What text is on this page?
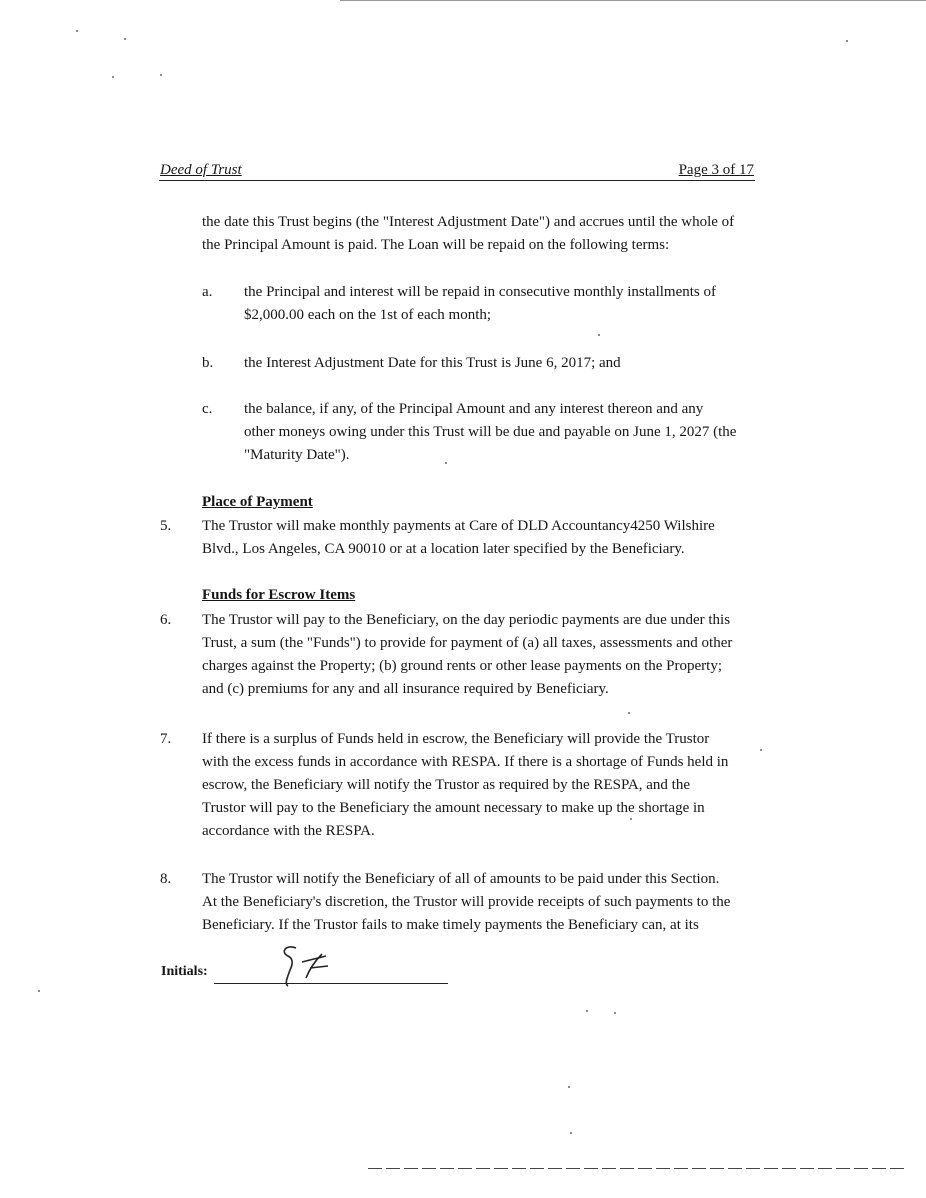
Deed of Trust	Page 3 of 17
the date this Trust begins (the "Interest Adjustment Date") and accrues until the whole of
the Principal Amount is paid. The Loan will be repaid on the following terms:
a. the Principal and interest will be repaid in consecutive monthly installments of
$2,000.00 each on the 1st of each month;
b. the Interest Adjustment Date for this Trust is June 6, 2017; and
c. the balance, if any, of the Principal Amount and any interest thereon and any
other moneys owing under this Trust will be due and payable on June 1, 2027 (the
"Maturity Date").
Place of Payment
5. The Trustor will make monthly payments at Care of DLD Accountancy4250 Wilshire
Blvd., Los Angeles, CA 90010 or at a location later specified by the Beneficiary.
Funds for Escrow Items
6. The Trustor will pay to the Beneficiary, on the day periodic payments are due under this
Trust, a sum (the "Funds") to provide for payment of (a) all taxes, assessments and other
charges against the Property; (b) ground rents or other lease payments on the Property;
and (c) premiums for any and all insurance required by Beneficiary.
7. If there is a surplus of Funds held in escrow, the Beneficiary will provide the Trustor
with the excess funds in accordance with RESPA. If there is a shortage of Funds held in
escrow, the Beneficiary will notify the Trustor as required by the RESPA, and the
Trustor will pay to the Beneficiary the amount necessary to make up the shortage in
accordance with the RESPA.
8. The Trustor will notify the Beneficiary of all of amounts to be paid under this Section.
At the Beneficiary's discretion, the Trustor will provide receipts of such payments to the
Beneficiary. If the Trustor fails to make timely payments the Beneficiary can, at its
Initials:
